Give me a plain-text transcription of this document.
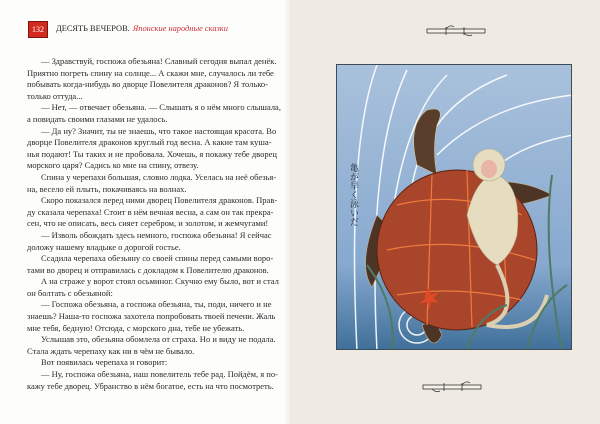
132	ДЕСЯТЬ ВЕЧЕРОВ. Японские народные сказки
— Здравствуй, госпожа обезьяна! Славный сегодня выпал денёк.
Приятно погреть спину на солнце... А скажи мне, случалось ли тебе
побывать когда-нибудь во дворце Повелителя драконов? Я только-
только оттуда...
— Нет, — отвечает обезьяна. — Слышать я о нём много слышала,
а повидать своими глазами не удалось.
— Да ну? Значит, ты не знаешь, что такое настоящая красота. Во
дворце Повелителя драконов круглый год весна. А какие там куша-
нья подают! Ты таких и не пробовала. Хочешь, я покажу тебе дворец
морского царя? Садись ко мне на спину, отвезу.
Спина у черепахи большая, словно лодка. Уселась на неё обезья-
на, весело ей плыть, покачиваясь на волнах.
Скоро показался перед ними дворец Повелителя драконов. Прав-
ду сказала черепаха! Стоит в нём вечная весна, а сам он так прекра-
сен, что не описать, весь сияет серебром, и золотом, и жемчугами!
— Изволь обождать здесь немного, госпожа обезьяна! Я сейчас
доложу нашему владыке о дорогой гостье.
Ссадила черепаха обезьяну со своей спины перед самыми воро-
тами во дворец и отправилась с докладом к Повелителю драконов.
А на страже у ворот стоял осьминог. Скучно ему было, вот и стал
он болтать с обезьяной:
— Госпожа обезьяна, а госпожа обезьяна, ты, поди, ничего и не
знаешь? Наша-то госпожа захотела попробовать твоей печени. Жаль
мне тебя, бедную! Отсюда, с морского дна, тебе не убежать.
Услышав это, обезьяна обомлела от страха. Но и виду не подала.
Стала ждать черепаху как ни в чём не бывало.
Вот появилась черепаха и говорит:
— Ну, госпожа обезьяна, наш повелитель тебе рад. Пойдём, я по-
кажу тебе дворец. Убранство в нём богатое, есть на что посмотреть.
亀が早く泳いだ
